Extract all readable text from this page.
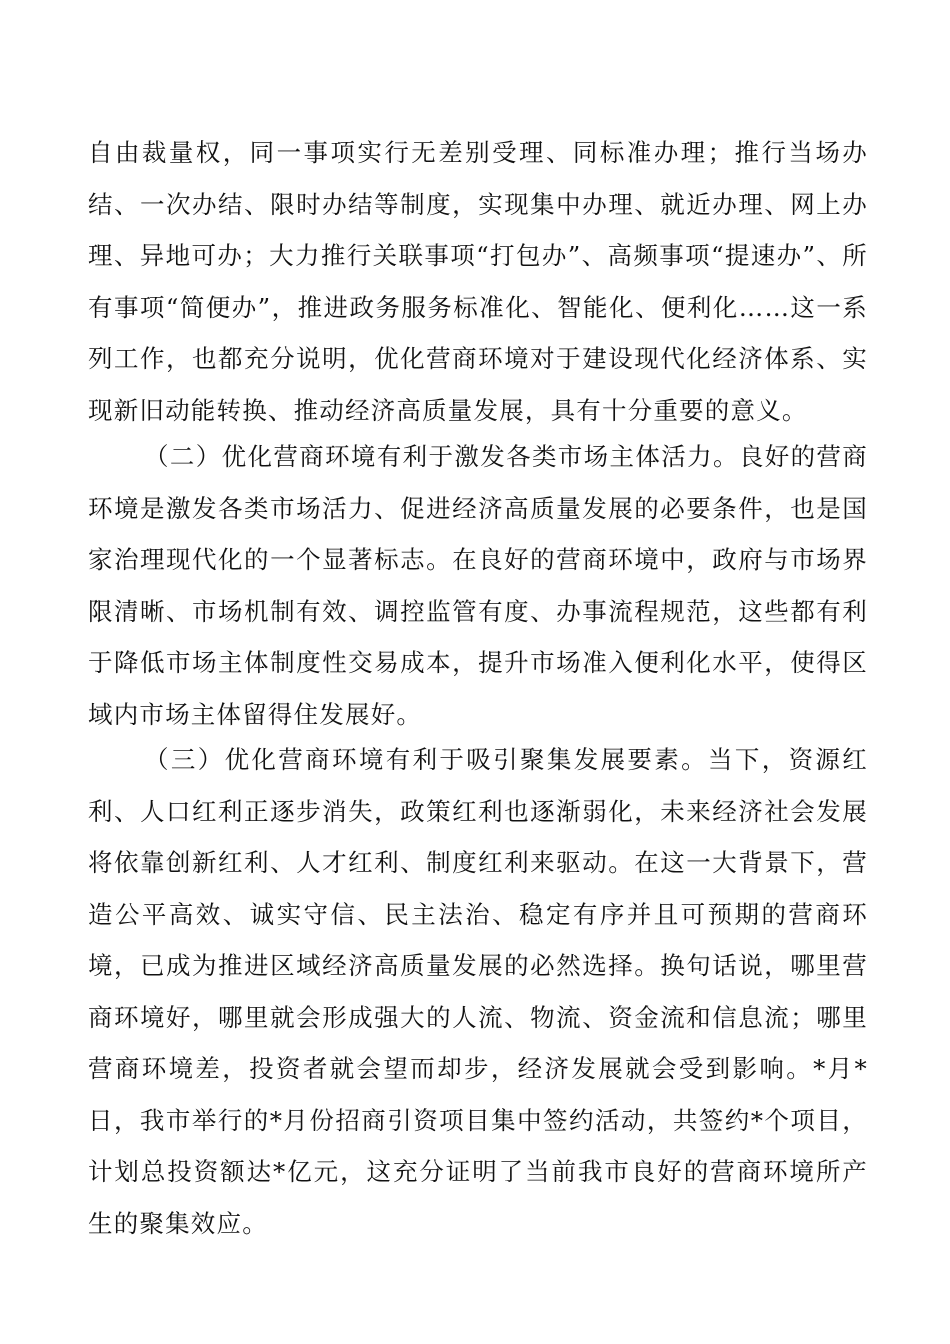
自由裁量权，同一事项实行无差别受理、同标准办理；推行当场办结、一次办结、限时办结等制度，实现集中办理、就近办理、网上办理、异地可办；大力推行关联事项“打包办”、高频事项“提速办”、所有事项“简便办”，推进政务服务标准化、智能化、便利化……这一系列工作，也都充分说明，优化营商环境对于建设现代化经济体系、实现新旧动能转换、推动经济高质量发展，具有十分重要的意义。

（二）优化营商环境有利于激发各类市场主体活力。良好的营商环境是激发各类市场活力、促进经济高质量发展的必要条件，也是国家治理现代化的一个显著标志。在良好的营商环境中，政府与市场界限清晰、市场机制有效、调控监管有度、办事流程规范，这些都有利于降低市场主体制度性交易成本，提升市场准入便利化水平，使得区域内市场主体留得住发展好。

（三）优化营商环境有利于吸引聚集发展要素。当下，资源红利、人口红利正逐步消失，政策红利也逐渐弱化，未来经济社会发展将依靠创新红利、人才红利、制度红利来驱动。在这一大背景下，营造公平高效、诚实守信、民主法治、稳定有序并且可预期的营商环境，已成为推进区域经济高质量发展的必然选择。换句话说，哪里营商环境好，哪里就会形成强大的人流、物流、资金流和信息流；哪里营商环境差，投资者就会望而却步，经济发展就会受到影响。*月*日，我市举行的*月份招商引资项目集中签约活动，共签约*个项目，计划总投资额达*亿元，这充分证明了当前我市良好的营商环境所产生的聚集效应。
